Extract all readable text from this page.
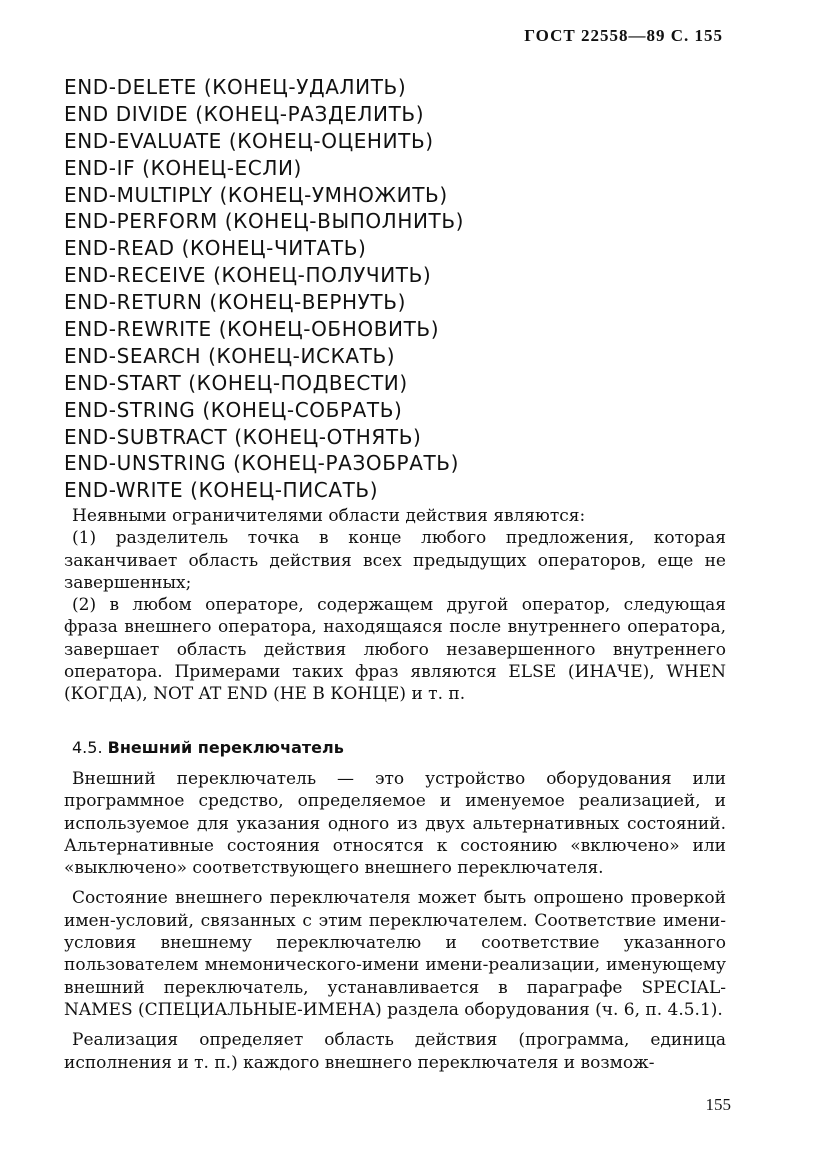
ГОСТ 22558—89 С. 155
END-DELETE (КОНЕЦ-УДАЛИТЬ)
END DIVIDE (КОНЕЦ-РАЗДЕЛИТЬ)
END-EVALUATE (КОНЕЦ-ОЦЕНИТЬ)
END-IF (КОНЕЦ-ЕСЛИ)
END-MULTIPLY (КОНЕЦ-УМНОЖИТЬ)
END-PERFORM (КОНЕЦ-ВЫПОЛНИТЬ)
END-READ (КОНЕЦ-ЧИТАТЬ)
END-RECEIVE (КОНЕЦ-ПОЛУЧИТЬ)
END-RETURN (КОНЕЦ-ВЕРНУТЬ)
END-REWRITE (КОНЕЦ-ОБНОВИТЬ)
END-SEARCH (КОНЕЦ-ИСКАТЬ)
END-START (КОНЕЦ-ПОДВЕСТИ)
END-STRING (КОНЕЦ-СОБРАТЬ)
END-SUBTRACT (КОНЕЦ-ОТНЯТЬ)
END-UNSTRING (КОНЕЦ-РАЗОБРАТЬ)
END-WRITE (КОНЕЦ-ПИСАТЬ)

Неявными ограничителями области действия являются:

(1) разделитель точка в конце любого предложения, которая заканчивает область действия всех предыдущих операторов, еще не завершенных;

(2) в любом операторе, содержащем другой оператор, следующая фраза внешнего оператора, находящаяся после внутреннего оператора, завершает область действия любого незавершенного внутреннего оператора. Примерами таких фраз являются ELSE (ИНАЧЕ), WHEN (КОГДА), NOT AT END (НЕ В КОНЦЕ) и т. п.

4.5. Внешний переключатель

Внешний переключатель — это устройство оборудования или программное средство, определяемое и именуемое реализацией, и используемое для указания одного из двух альтернативных состояний. Альтернативные состояния относятся к состоянию «включено» или «выключено» соответствующего внешнего переключателя.

Состояние внешнего переключателя может быть опрошено проверкой имен-условий, связанных с этим переключателем. Соответствие имени-условия внешнему переключателю и соответствие указанного пользователем мнемонического-имени имени-реализации, именующему внешний переключатель, устанавливается в параграфе SPECIAL-NAMES (СПЕЦИАЛЬНЫЕ-ИМЕНА) раздела оборудования (ч. 6, п. 4.5.1).

Реализация определяет область действия (программа, единица исполнения и т. п.) каждого внешнего переключателя и возмож-

155
